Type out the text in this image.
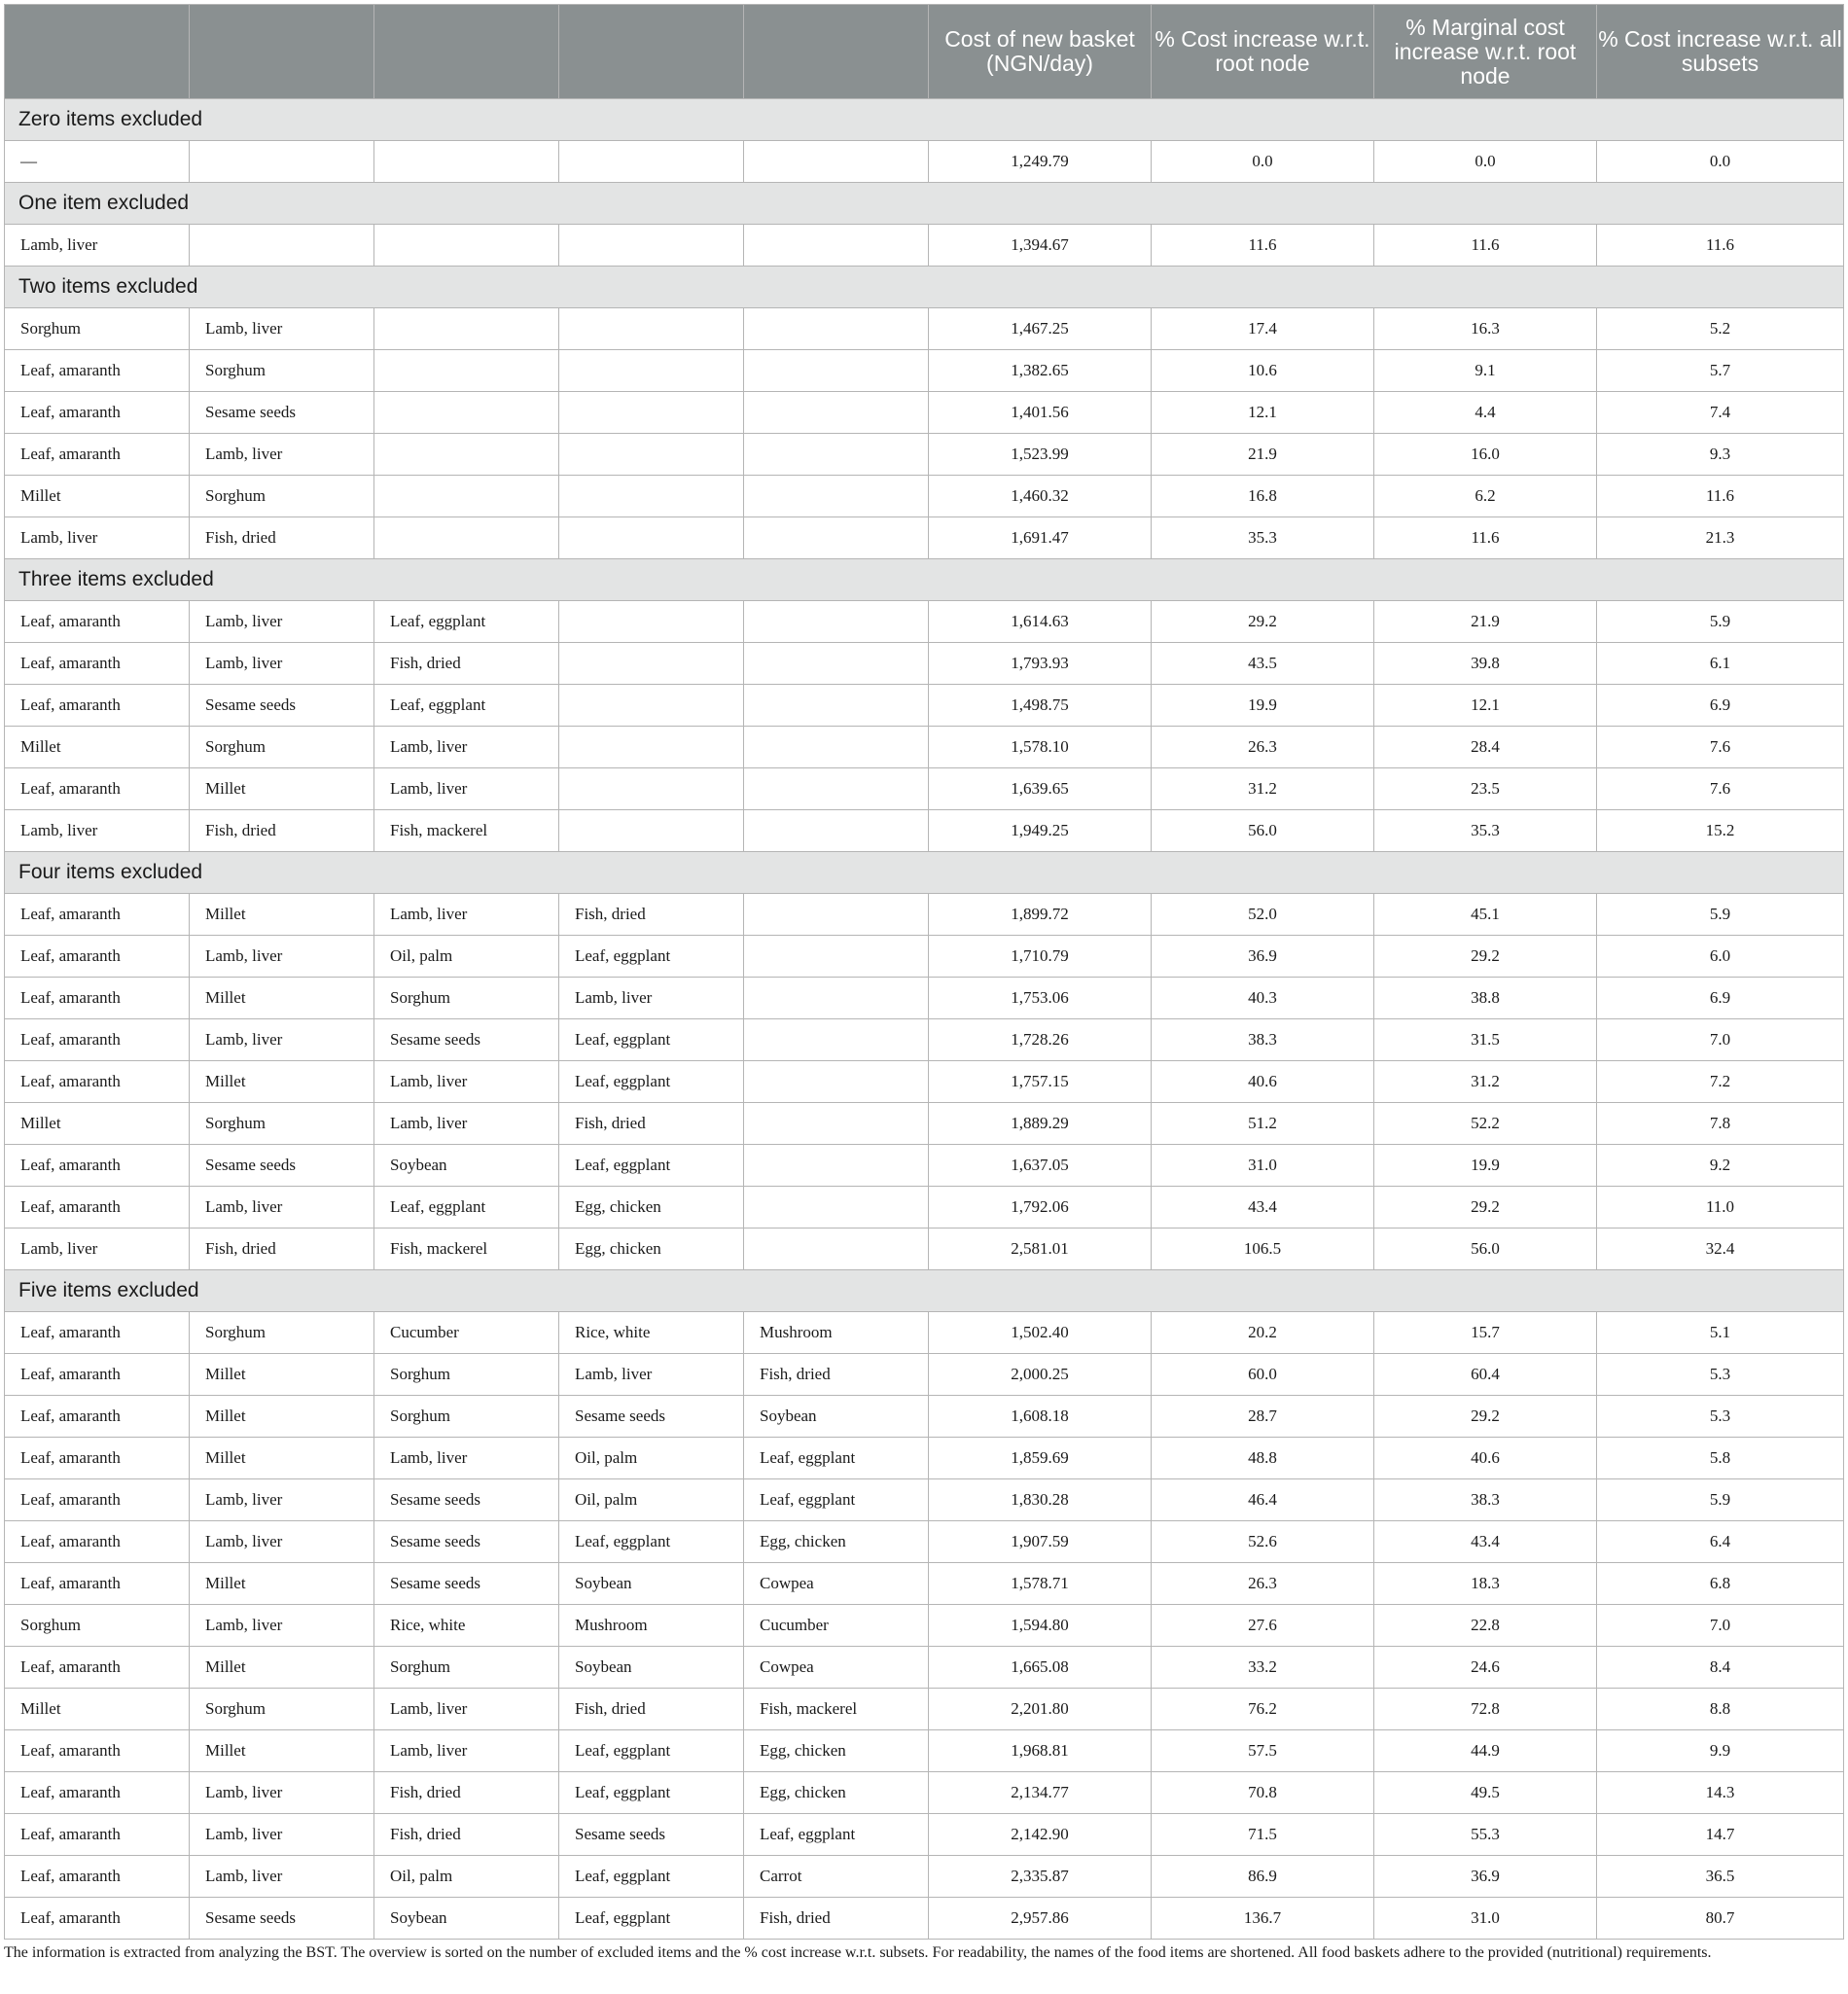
					Cost of new basket (NGN/day)	% Cost increase w.r.t. root node	% Marginal cost increase w.r.t. root node	% Cost increase w.r.t. all subsets
Zero items excluded								
—					1,249.79	0.0	0.0	0.0
One item excluded								
Lamb, liver					1,394.67	11.6	11.6	11.6
Two items excluded								
Sorghum	Lamb, liver				1,467.25	17.4	16.3	5.2
Leaf, amaranth	Sorghum				1,382.65	10.6	9.1	5.7
Leaf, amaranth	Sesame seeds				1,401.56	12.1	4.4	7.4
Leaf, amaranth	Lamb, liver				1,523.99	21.9	16.0	9.3
Millet	Sorghum				1,460.32	16.8	6.2	11.6
Lamb, liver	Fish, dried				1,691.47	35.3	11.6	21.3
Three items excluded								
Leaf, amaranth	Lamb, liver	Leaf, eggplant			1,614.63	29.2	21.9	5.9
Leaf, amaranth	Lamb, liver	Fish, dried			1,793.93	43.5	39.8	6.1
Leaf, amaranth	Sesame seeds	Leaf, eggplant			1,498.75	19.9	12.1	6.9
Millet	Sorghum	Lamb, liver			1,578.10	26.3	28.4	7.6
Leaf, amaranth	Millet	Lamb, liver			1,639.65	31.2	23.5	7.6
Lamb, liver	Fish, dried	Fish, mackerel			1,949.25	56.0	35.3	15.2
Four items excluded								
Leaf, amaranth	Millet	Lamb, liver	Fish, dried		1,899.72	52.0	45.1	5.9
Leaf, amaranth	Lamb, liver	Oil, palm	Leaf, eggplant		1,710.79	36.9	29.2	6.0
Leaf, amaranth	Millet	Sorghum	Lamb, liver		1,753.06	40.3	38.8	6.9
Leaf, amaranth	Lamb, liver	Sesame seeds	Leaf, eggplant		1,728.26	38.3	31.5	7.0
Leaf, amaranth	Millet	Lamb, liver	Leaf, eggplant		1,757.15	40.6	31.2	7.2
Millet	Sorghum	Lamb, liver	Fish, dried		1,889.29	51.2	52.2	7.8
Leaf, amaranth	Sesame seeds	Soybean	Leaf, eggplant		1,637.05	31.0	19.9	9.2
Leaf, amaranth	Lamb, liver	Leaf, eggplant	Egg, chicken		1,792.06	43.4	29.2	11.0
Lamb, liver	Fish, dried	Fish, mackerel	Egg, chicken		2,581.01	106.5	56.0	32.4
Five items excluded								
Leaf, amaranth	Sorghum	Cucumber	Rice, white	Mushroom	1,502.40	20.2	15.7	5.1
Leaf, amaranth	Millet	Sorghum	Lamb, liver	Fish, dried	2,000.25	60.0	60.4	5.3
Leaf, amaranth	Millet	Sorghum	Sesame seeds	Soybean	1,608.18	28.7	29.2	5.3
Leaf, amaranth	Millet	Lamb, liver	Oil, palm	Leaf, eggplant	1,859.69	48.8	40.6	5.8
Leaf, amaranth	Lamb, liver	Sesame seeds	Oil, palm	Leaf, eggplant	1,830.28	46.4	38.3	5.9
Leaf, amaranth	Lamb, liver	Sesame seeds	Leaf, eggplant	Egg, chicken	1,907.59	52.6	43.4	6.4
Leaf, amaranth	Millet	Sesame seeds	Soybean	Cowpea	1,578.71	26.3	18.3	6.8
Sorghum	Lamb, liver	Rice, white	Mushroom	Cucumber	1,594.80	27.6	22.8	7.0
Leaf, amaranth	Millet	Sorghum	Soybean	Cowpea	1,665.08	33.2	24.6	8.4
Millet	Sorghum	Lamb, liver	Fish, dried	Fish, mackerel	2,201.80	76.2	72.8	8.8
Leaf, amaranth	Millet	Lamb, liver	Leaf, eggplant	Egg, chicken	1,968.81	57.5	44.9	9.9
Leaf, amaranth	Lamb, liver	Fish, dried	Leaf, eggplant	Egg, chicken	2,134.77	70.8	49.5	14.3
Leaf, amaranth	Lamb, liver	Fish, dried	Sesame seeds	Leaf, eggplant	2,142.90	71.5	55.3	14.7
Leaf, amaranth	Lamb, liver	Oil, palm	Leaf, eggplant	Carrot	2,335.87	86.9	36.9	36.5
Leaf, amaranth	Sesame seeds	Soybean	Leaf, eggplant	Fish, dried	2,957.86	136.7	31.0	80.7
The information is extracted from analyzing the BST. The overview is sorted on the number of excluded items and the % cost increase w.r.t. subsets. For readability, the names of the food items are shortened. All food baskets adhere to the provided (nutritional) requirements.
